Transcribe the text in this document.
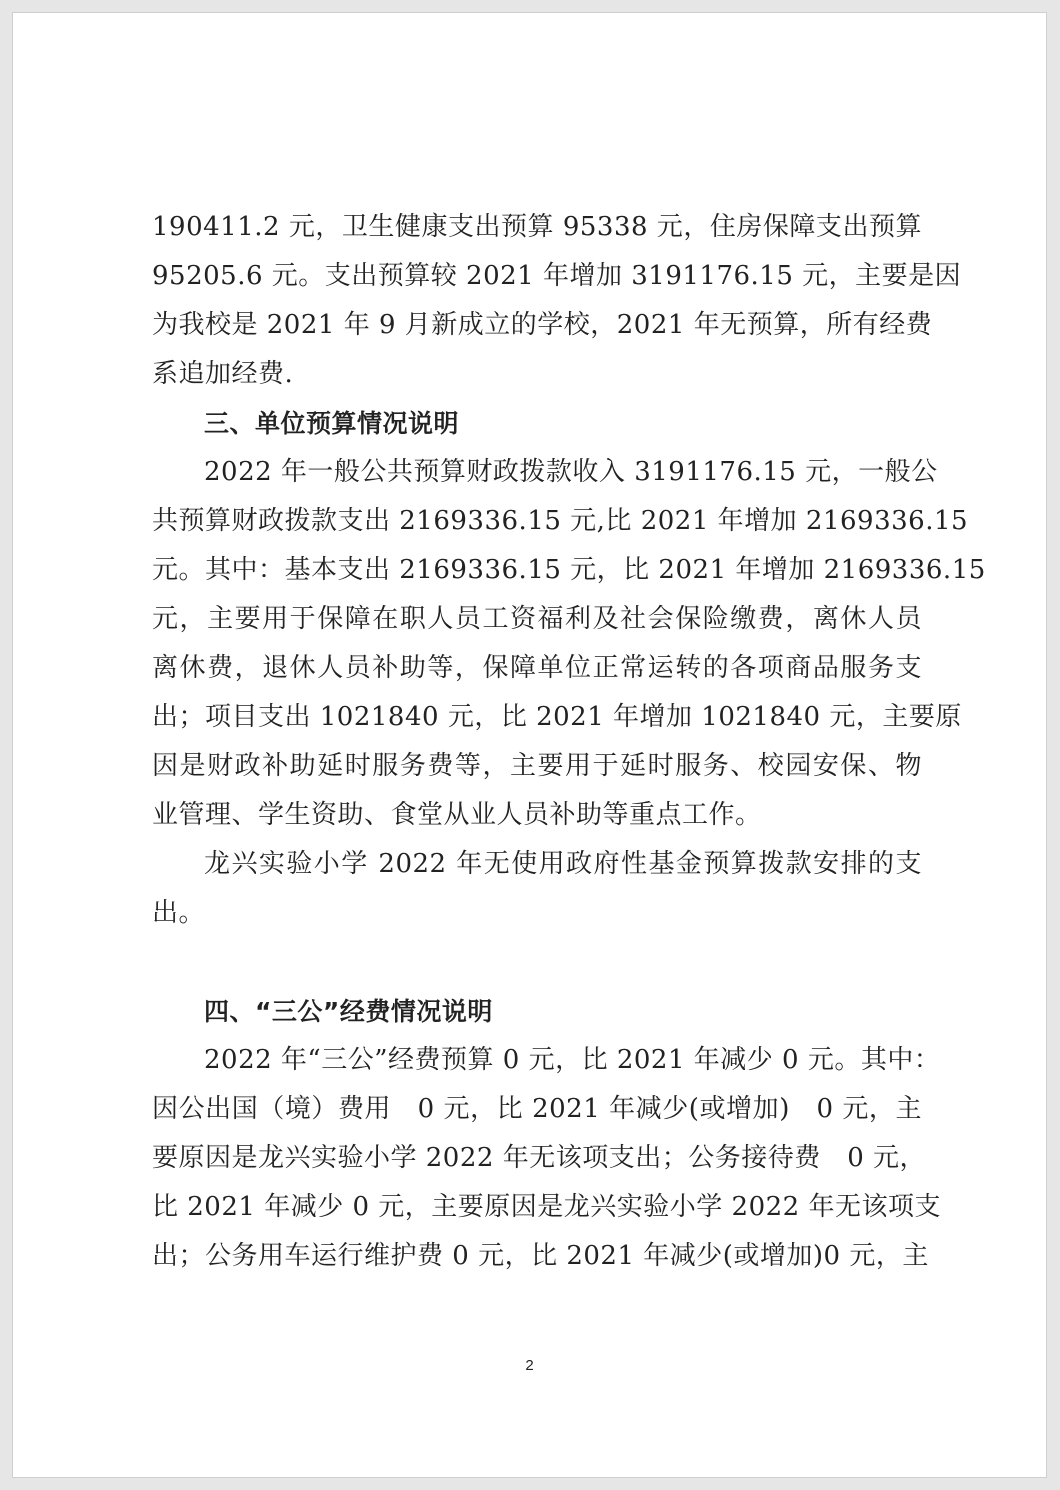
190411.2 元，卫生健康支出预算 95338 元，住房保障支出预算
95205.6 元。支出预算较 2021 年增加 3191176.15 元，主要是因
为我校是 2021 年 9 月新成立的学校，2021 年无预算，所有经费
系追加经费.
三、单位预算情况说明
2022 年一般公共预算财政拨款收入 3191176.15 元，一般公
共预算财政拨款支出 2169336.15 元,比 2021 年增加 2169336.15
元。其中：基本支出 2169336.15 元，比 2021 年增加 2169336.15
元，主要用于保障在职人员工资福利及社会保险缴费，离休人员
离休费，退休人员补助等，保障单位正常运转的各项商品服务支
出；项目支出 1021840 元，比 2021 年增加 1021840 元，主要原
因是财政补助延时服务费等，主要用于延时服务、校园安保、物
业管理、学生资助、食堂从业人员补助等重点工作。
龙兴实验小学 2022 年无使用政府性基金预算拨款安排的支
出。
四、“三公”经费情况说明
2022 年“三公”经费预算 0 元，比 2021 年减少 0 元。其中：
因公出国（境）费用　0 元，比 2021 年减少(或增加)　0 元，主
要原因是龙兴实验小学 2022 年无该项支出；公务接待费　0 元，
比 2021 年减少 0 元，主要原因是龙兴实验小学 2022 年无该项支
出；公务用车运行维护费 0 元，比 2021 年减少(或增加)0 元，主
2
